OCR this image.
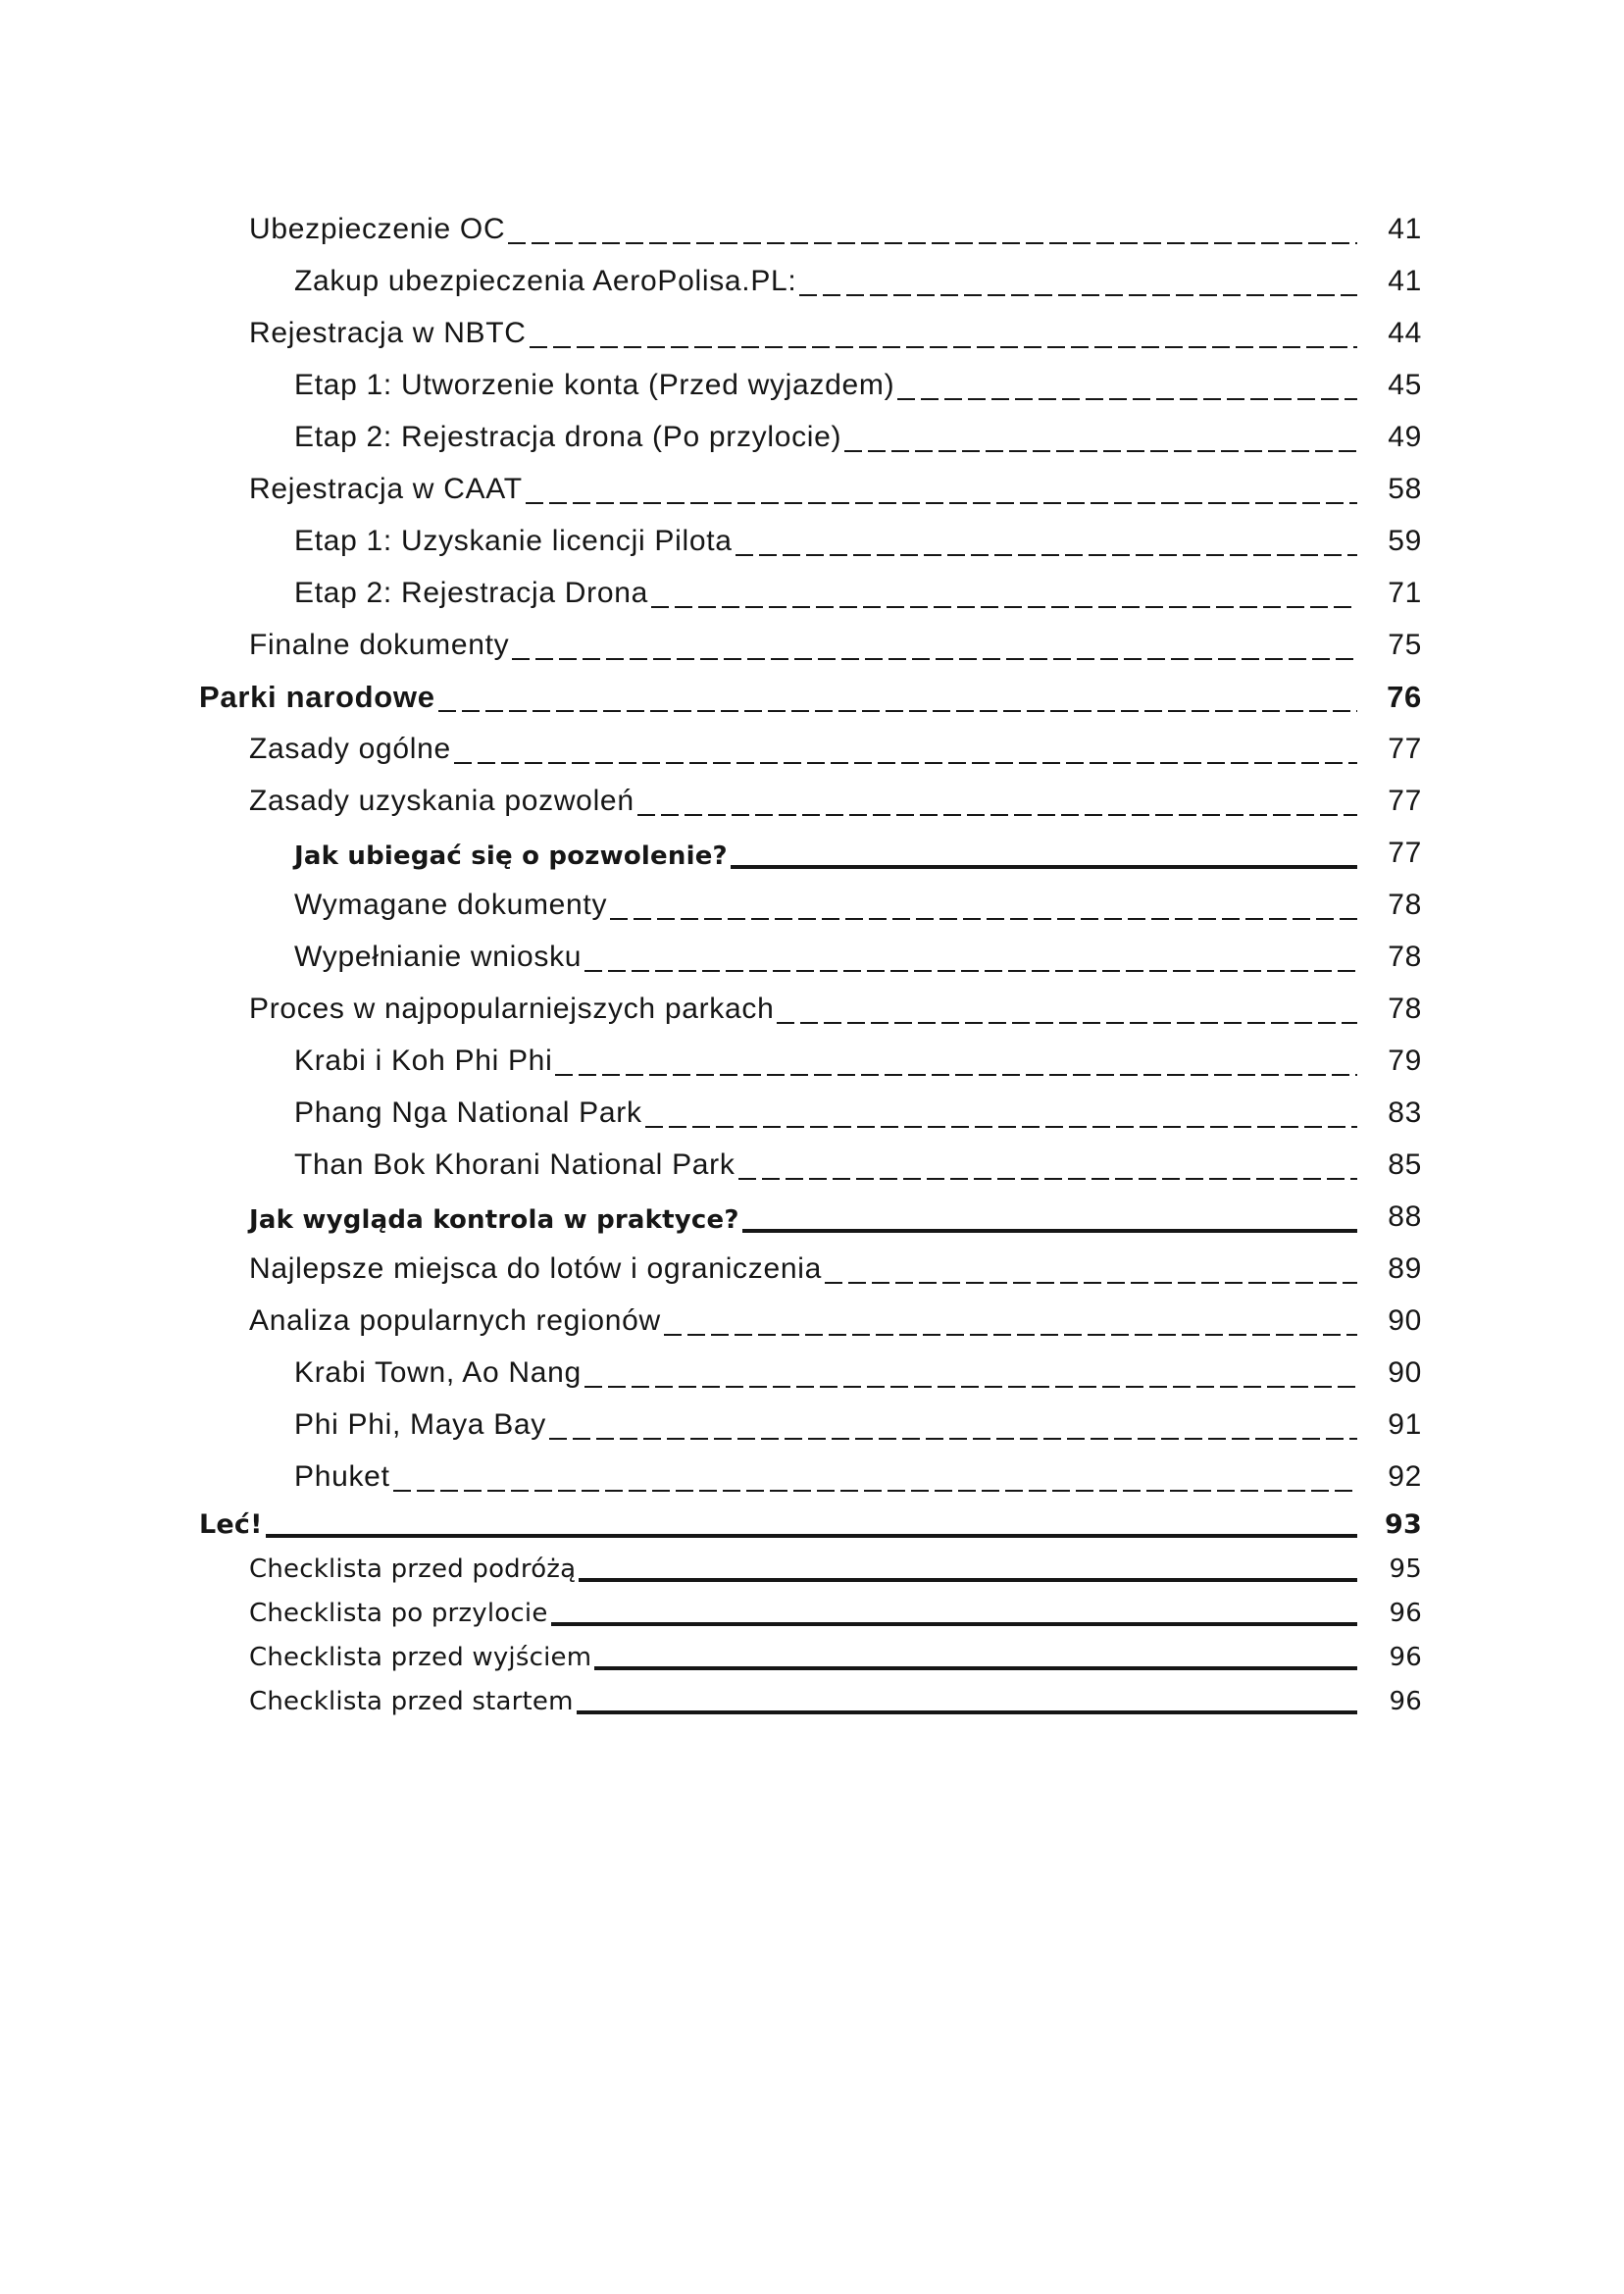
Ubezpieczenie OC	41
Zakup ubezpieczenia AeroPolisa.PL:	41
Rejestracja w NBTC	44
Etap 1: Utworzenie konta (Przed wyjazdem)	45
Etap 2: Rejestracja drona (Po przylocie)	49
Rejestracja w CAAT	58
Etap 1: Uzyskanie licencji Pilota	59
Etap 2: Rejestracja Drona	71
Finalne dokumenty	75
Parki narodowe	76
Zasady ogólne	77
Zasady uzyskania pozwoleń	77
Jak ubiegać się o pozwolenie?	77
Wymagane dokumenty	78
Wypełnianie wniosku	78
Proces w najpopularniejszych parkach	78
Krabi i Koh Phi Phi	79
Phang Nga National Park	83
Than Bok Khorani National Park	85
Jak wygląda kontrola w praktyce?	88
Najlepsze miejsca do lotów i ograniczenia	89
Analiza popularnych regionów	90
Krabi Town, Ao Nang	90
Phi Phi, Maya Bay	91
Phuket	92
Leć!	93
Checklista przed podróżą	95
Checklista po przylocie	96
Checklista przed wyjściem	96
Checklista przed startem	96
